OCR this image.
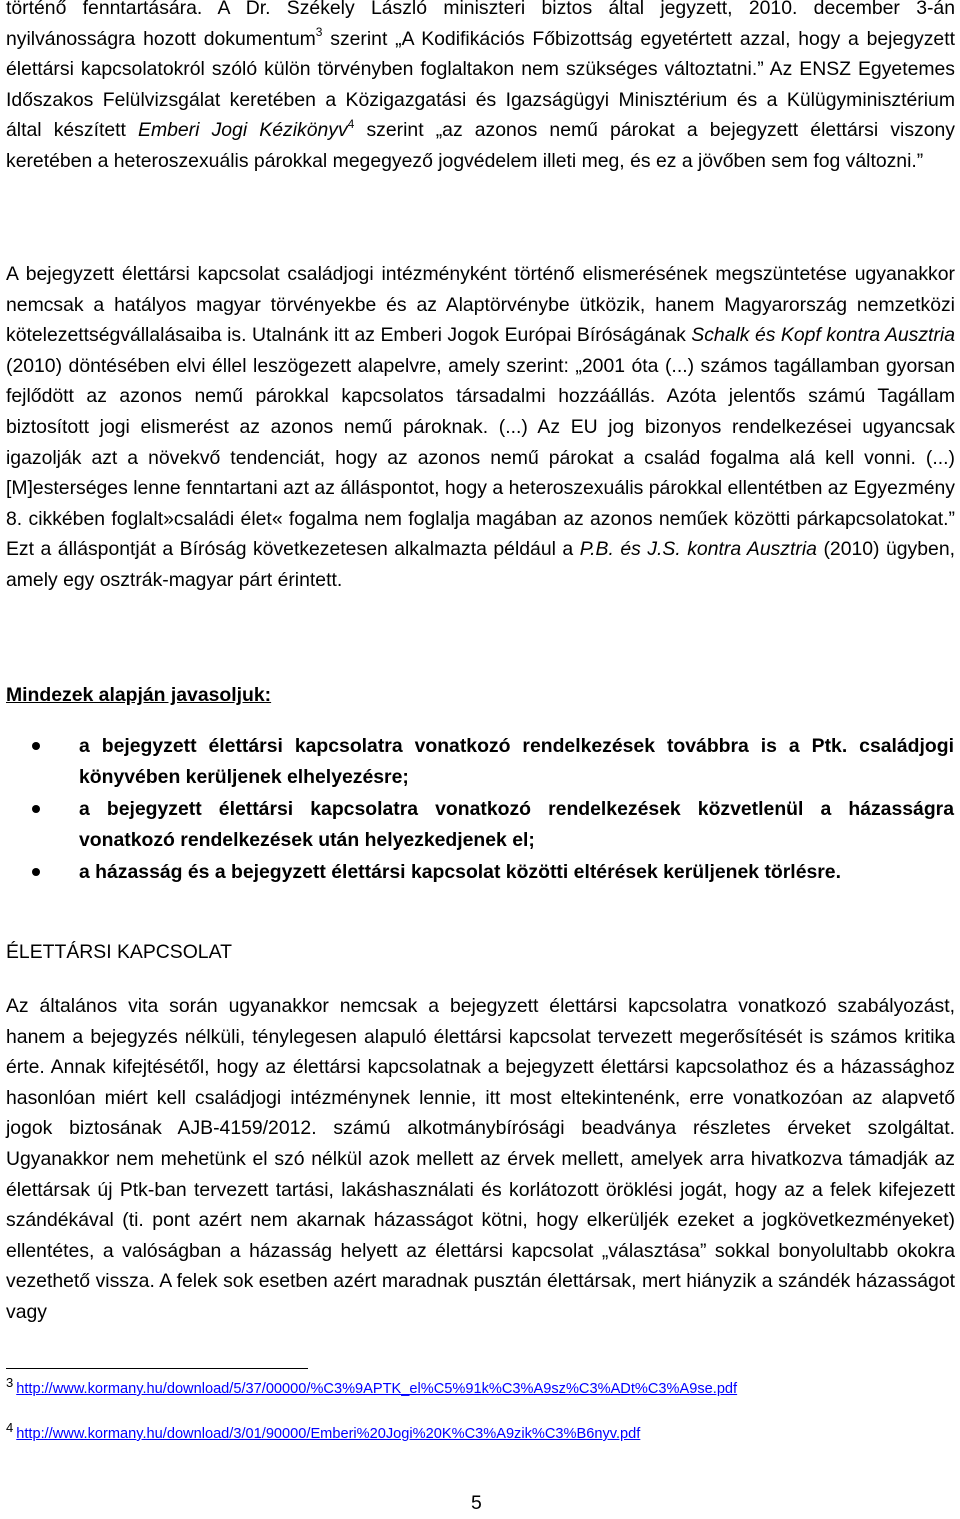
történő fenntartására. A Dr. Székely László miniszteri biztos által jegyzett, 2010. december 3-án nyilvánosságra hozott dokumentum$^3$ szerint „A Kodifikációs Főbizottság egyetértett azzal, hogy a bejegyzett élettársi kapcsolatokról szóló külön törvényben foglaltakon nem szükséges változtatni.” Az ENSZ Egyetemes Időszakos Felülvizsgálat keretében a Közigazgatási és Igazságügyi Minisztérium és a Külügyminisztérium által készített Emberi Jogi Kézikönyv$^4$ szerint „az azonos nemű párokat a bejegyzett élettársi viszony keretében a heteroszexuális párokkal megegyező jogvédelem illeti meg, és ez a jövőben sem fog változni.”

A bejegyzett élettársi kapcsolat családjogi intézményként történő elismerésének megszüntetése ugyanakkor nemcsak a hatályos magyar törvényekbe és az Alaptörvénybe ütközik, hanem Magyarország nemzetközi kötelezettségvállalásaiba is. Utalnánk itt az Emberi Jogok Európai Bíróságának Schalk és Kopf kontra Ausztria (2010) döntésében elvi éllel leszögezett alapelvre, amely szerint: „2001 óta (...) számos tagállamban gyorsan fejlődött az azonos nemű párokkal kapcsolatos társadalmi hozzáállás. Azóta jelentős számú Tagállam biztosított jogi elismerést az azonos nemű pároknak. (...) Az EU jog bizonyos rendelkezései ugyancsak igazolják azt a növekvő tendenciát, hogy az azonos nemű párokat a család fogalma alá kell vonni. (...) [M]esterséges lenne fenntartani azt az álláspontot, hogy a heteroszexuális párokkal ellentétben az Egyezmény 8. cikkében foglalt»családi élet« fogalma nem foglalja magában az azonos neműek közötti párkapcsolatokat.” Ezt a álláspontját a Bíróság következetesen alkalmazta például a P.B. és J.S. kontra Ausztria (2010) ügyben, amely egy osztrák-magyar párt érintett.

Mindezek alapján javasoljuk:
a bejegyzett élettársi kapcsolatra vonatkozó rendelkezések továbbra is a Ptk. családjogi könyvében kerüljenek elhelyezésre;
a bejegyzett élettársi kapcsolatra vonatkozó rendelkezések közvetlenül a házasságra vonatkozó rendelkezések után helyezkedjenek el;
a házasság és a bejegyzett élettársi kapcsolat közötti eltérések kerüljenek törlésre.
ÉLETTÁRSI KAPCSOLAT

Az általános vita során ugyanakkor nemcsak a bejegyzett élettársi kapcsolatra vonatkozó szabályozást, hanem a bejegyzés nélküli, ténylegesen alapuló élettársi kapcsolat tervezett megerősítését is számos kritika érte. Annak kifejtésétől, hogy az élettársi kapcsolatnak a bejegyzett élettársi kapcsolathoz és a házassághoz hasonlóan miért kell családjogi intézménynek lennie, itt most eltekintenénk, erre vonatkozóan az alapvető jogok biztosának AJB-4159/2012. számú alkotmánybírósági beadványa részletes érveket szolgáltat. Ugyanakkor nem mehetünk el szó nélkül azok mellett az érvek mellett, amelyek arra hivatkozva támadják az élettársak új Ptk-ban tervezett tartási, lakáshasználati és korlátozott öröklési jogát, hogy az a felek kifejezett szándékával (ti. pont azért nem akarnak házasságot kötni, hogy elkerüljék ezeket a jogkövetkezményeket) ellentétes, a valóságban a házasság helyett az élettársi kapcsolat „választása” sokkal bonyolultabb okokra vezethető vissza. A felek sok esetben azért maradnak pusztán élettársak, mert hiányzik a szándék házasságot vagy

3 http://www.kormany.hu/download/5/37/00000/%C3%9APTK_el%C5%91k%C3%A9sz%C3%ADt%C3%A9se.pdf
4 http://www.kormany.hu/download/3/01/90000/Emberi%20Jogi%20K%C3%A9zik%C3%B6nyv.pdf
5
